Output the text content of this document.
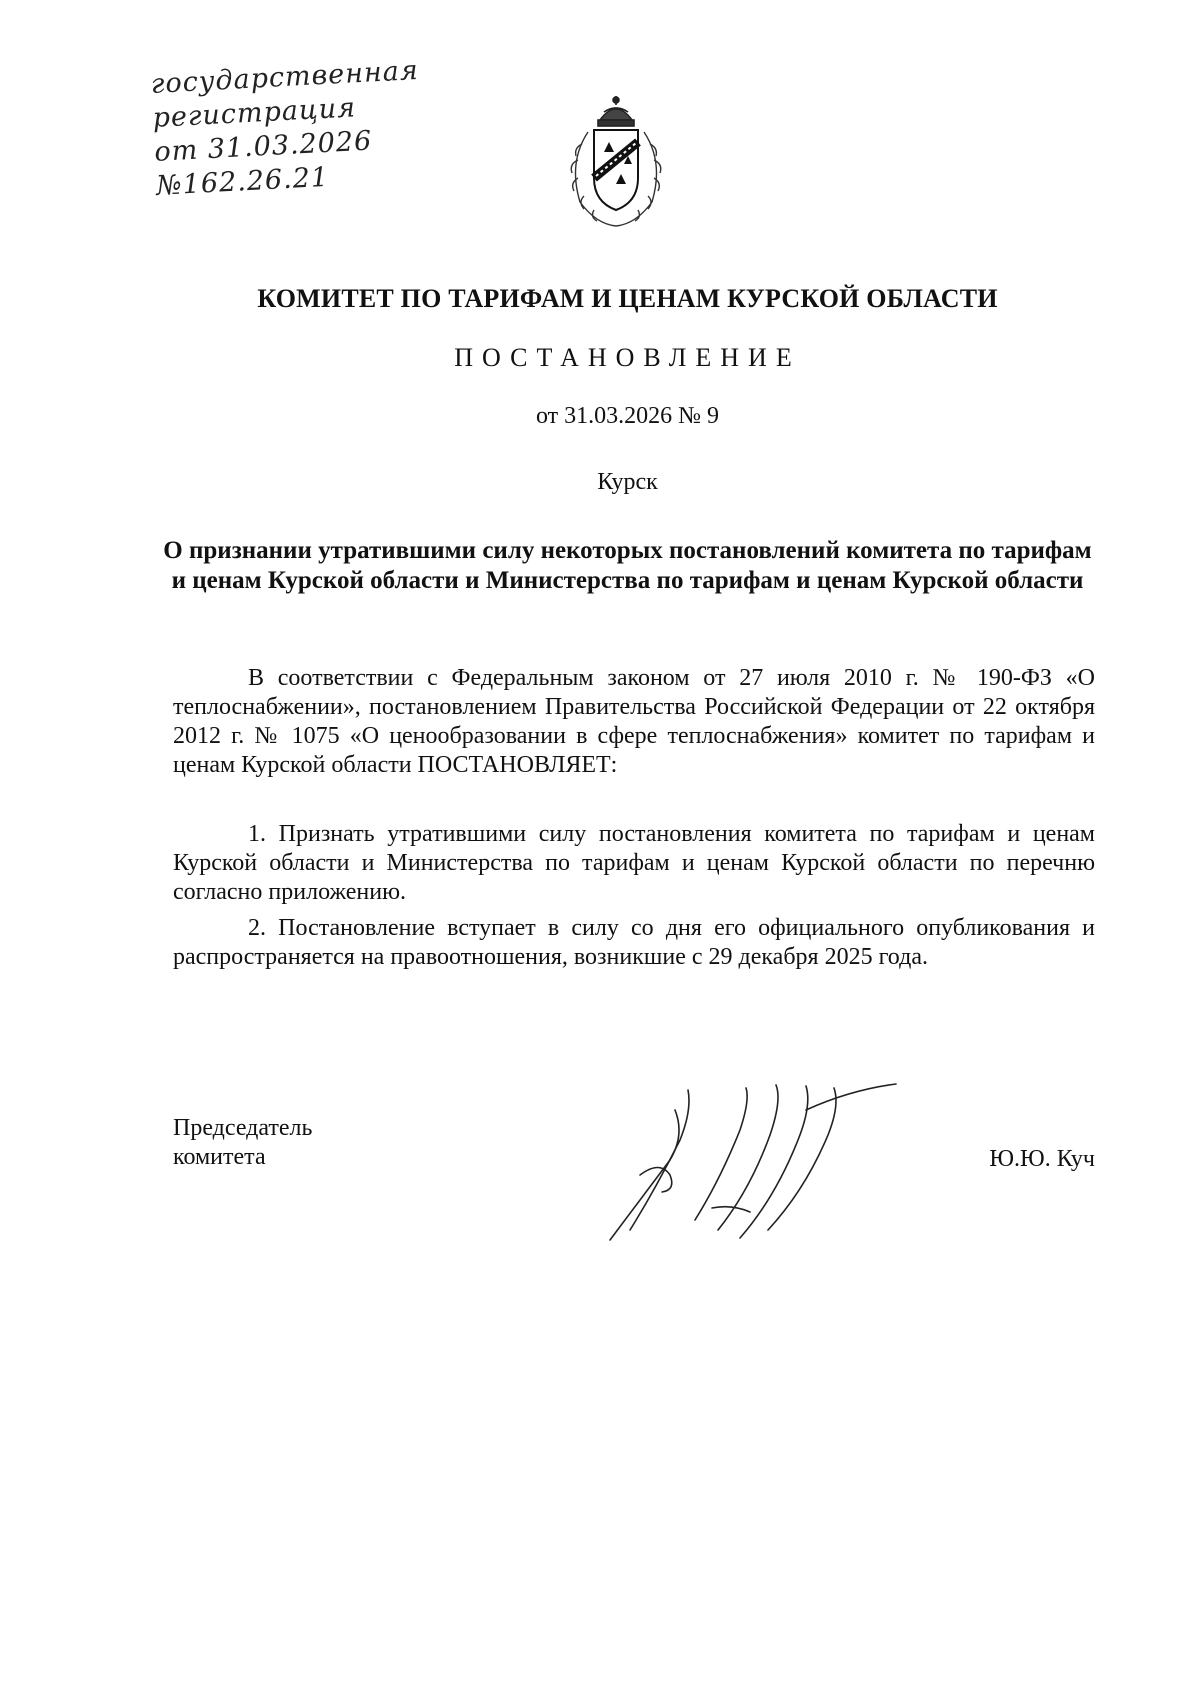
государственная
регистрация
от 31.03.2026
№162.26.21
КОМИТЕТ ПО ТАРИФАМ И ЦЕНАМ КУРСКОЙ ОБЛАСТИ
ПОСТАНОВЛЕНИЕ
от 31.03.2026 № 9
Курск
О признании утратившими силу некоторых постановлений комитета по тарифам и ценам Курской области и Министерства по тарифам и ценам Курской области
В соответствии с Федеральным законом от 27 июля 2010 г. № 190-ФЗ «О теплоснабжении», постановлением Правительства Российской Федерации от 22 октября 2012 г. № 1075 «О ценообразовании в сфере теплоснабжения» комитет по тарифам и ценам Курской области ПОСТАНОВЛЯЕТ:
1. Признать утратившими силу постановления комитета по тарифам и ценам Курской области и Министерства по тарифам и ценам Курской области по перечню согласно приложению.
2. Постановление вступает в силу со дня его официального опубликования и распространяется на правоотношения, возникшие с 29 декабря 2025 года.
Председатель
комитета	Ю.Ю. Куч
